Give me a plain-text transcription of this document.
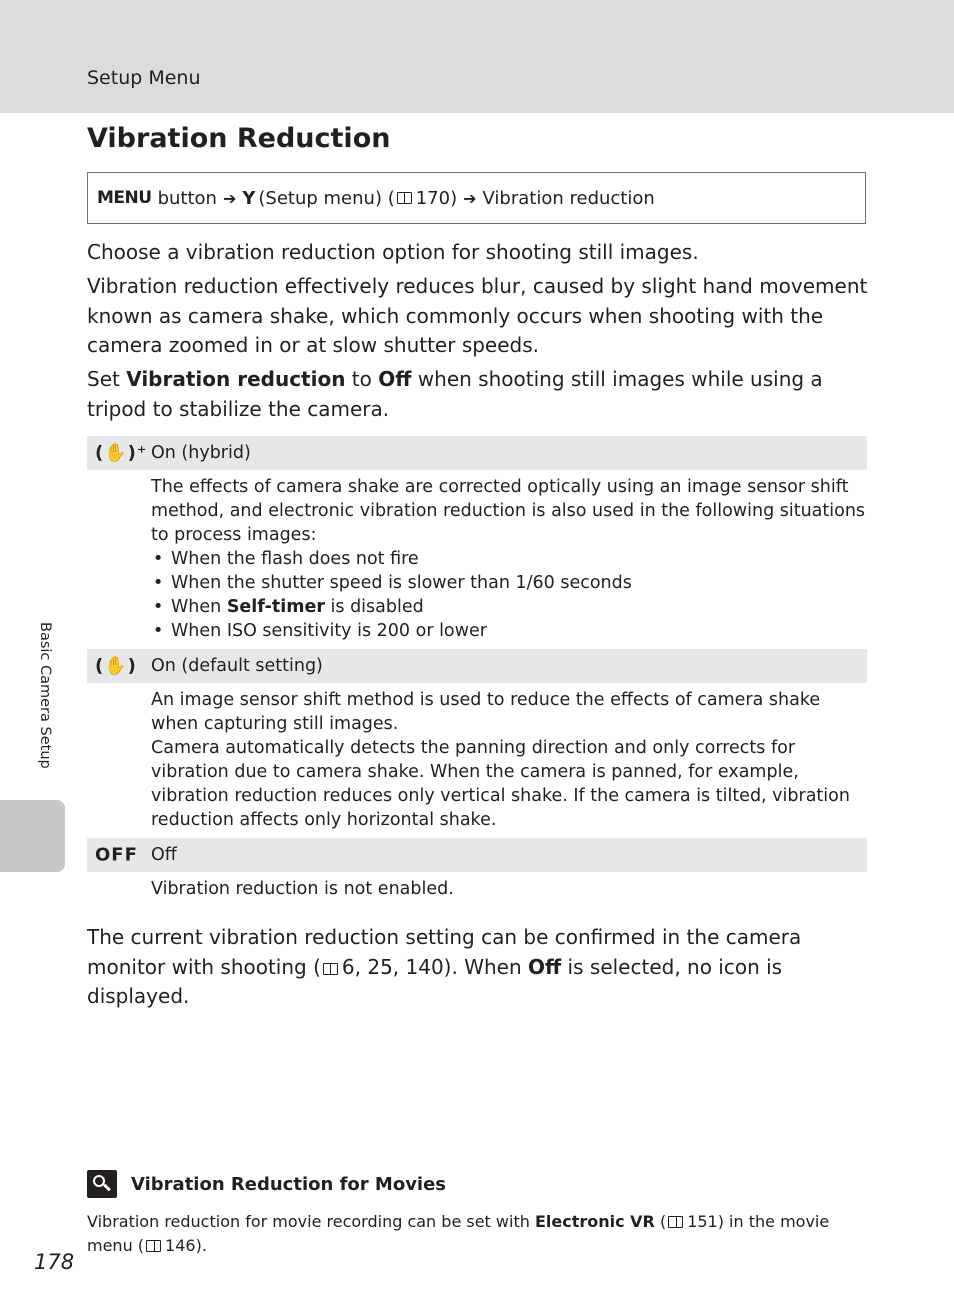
Setup Menu
Vibration Reduction
MENU button ➔ Y (Setup menu) ( 170) ➔ Vibration reduction

Choose a vibration reduction option for shooting still images.

Vibration reduction effectively reduces blur, caused by slight hand movement known as camera shake, which commonly occurs when shooting with the camera zoomed in or at slow shutter speeds.

Set Vibration reduction to Off when shooting still images while using a tripod to stabilize the camera.

(✋)⁺ On (hybrid)
The effects of camera shake are corrected optically using an image sensor shift method, and electronic vibration reduction is also used in the following situations to process images:
• When the flash does not fire
• When the shutter speed is slower than 1/60 seconds
• When Self-timer is disabled
• When ISO sensitivity is 200 or lower
(✋) On (default setting)
An image sensor shift method is used to reduce the effects of camera shake when capturing still images.
Camera automatically detects the panning direction and only corrects for vibration due to camera shake. When the camera is panned, for example, vibration reduction reduces only vertical shake. If the camera is tilted, vibration reduction affects only horizontal shake.
OFF Off
Vibration reduction is not enabled.

The current vibration reduction setting can be confirmed in the camera monitor with shooting ( 6, 25, 140). When Off is selected, no icon is displayed.

Vibration Reduction for Movies
Vibration reduction for movie recording can be set with Electronic VR ( 151) in the movie menu ( 146).
Basic Camera Setup
178
